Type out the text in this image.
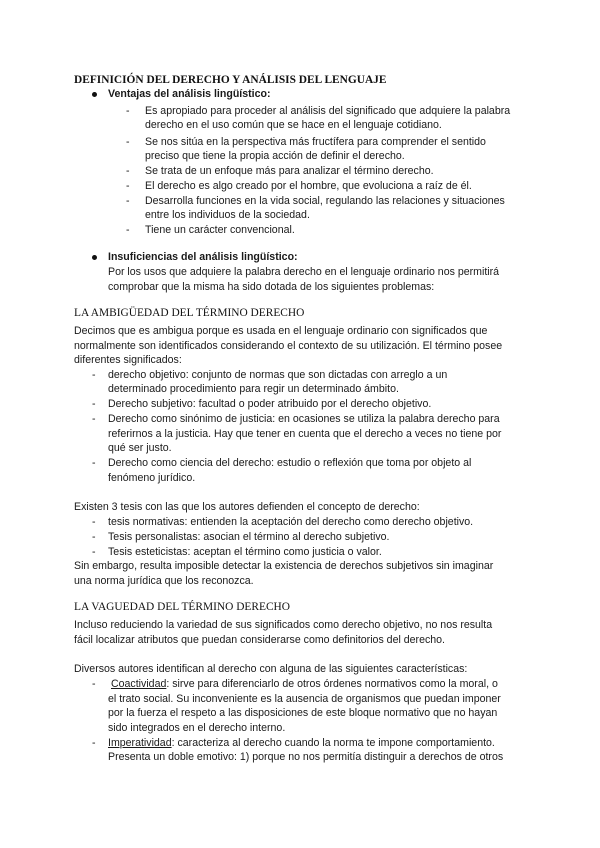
DEFINICIÓN DEL DERECHO Y ANÁLISIS DEL LENGUAJE
Ventajas del análisis lingüístico:
- Es apropiado para proceder al análisis del significado que adquiere la palabra
derecho en el uso común que se hace en el lenguaje cotidiano.
- Se nos sitúa en la perspectiva más fructífera para comprender el sentido
preciso que tiene la propia acción de definir el derecho.
- Se trata de un enfoque más para analizar el término derecho.
- El derecho es algo creado por el hombre, que evoluciona a raíz de él.
- Desarrolla funciones en la vida social, regulando las relaciones y situaciones
entre los individuos de la sociedad.
- Tiene un carácter convencional.
Insuficiencias del análisis lingüístico:
Por los usos que adquiere la palabra derecho en el lenguaje ordinario nos permitirá
comprobar que la misma ha sido dotada de los siguientes problemas:
LA AMBIGÜEDAD DEL TÉRMINO DERECHO
Decimos que es ambigua porque es usada en el lenguaje ordinario con significados que
normalmente son identificados considerando el contexto de su utilización. El término posee
diferentes significados:
- derecho objetivo: conjunto de normas que son dictadas con arreglo a un
determinado procedimiento para regir un determinado ámbito.
- Derecho subjetivo: facultad o poder atribuido por el derecho objetivo.
- Derecho como sinónimo de justicia: en ocasiones se utiliza la palabra derecho para
referirnos a la justicia. Hay que tener en cuenta que el derecho a veces no tiene por
qué ser justo.
- Derecho como ciencia del derecho: estudio o reflexión que toma por objeto al
fenómeno jurídico.
Existen 3 tesis con las que los autores defienden el concepto de derecho:
- tesis normativas: entienden la aceptación del derecho como derecho objetivo.
- Tesis personalistas: asocian el término al derecho subjetivo.
- Tesis esteticistas: aceptan el término como justicia o valor.
Sin embargo, resulta imposible detectar la existencia de derechos subjetivos sin imaginar
una norma jurídica que los reconozca.
LA VAGUEDAD DEL TÉRMINO DERECHO
Incluso reduciendo la variedad de sus significados como derecho objetivo, no nos resulta
fácil localizar atributos que puedan considerarse como definitorios del derecho.
Diversos autores identifican al derecho con alguna de las siguientes características:
- Coactividad: sirve para diferenciarlo de otros órdenes normativos como la moral, o
el trato social. Su inconveniente es la ausencia de organismos que puedan imponer
por la fuerza el respeto a las disposiciones de este bloque normativo que no hayan
sido integrados en el derecho interno.
- Imperatividad: caracteriza al derecho cuando la norma te impone comportamiento.
Presenta un doble emotivo: 1) porque no nos permitía distinguir a derechos de otros
